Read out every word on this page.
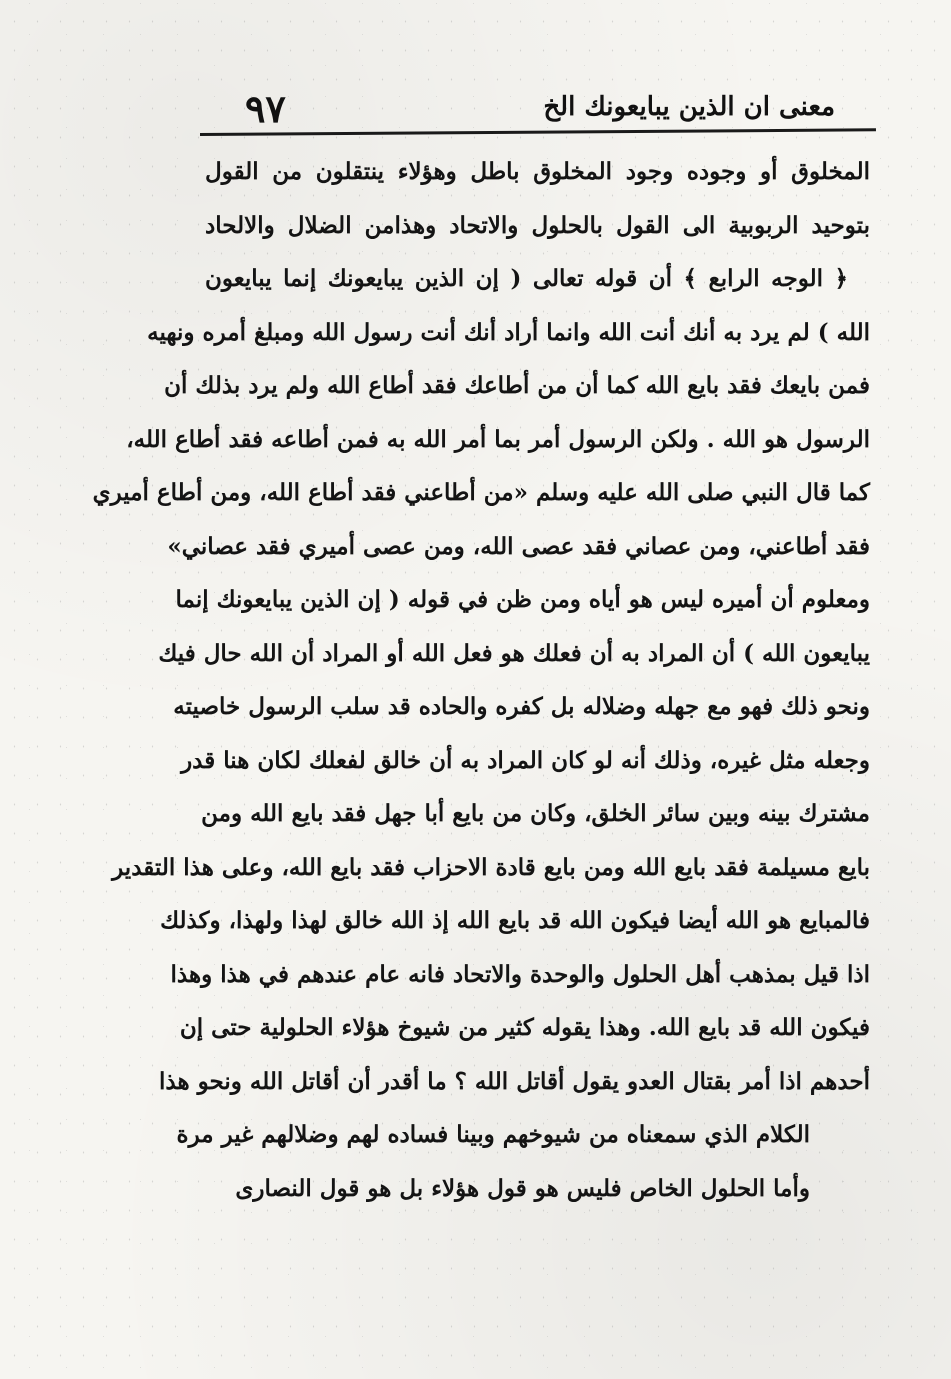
معنى ان الذين يبايعونك الخ
٩٧
المخلوق أو وجوده وجود المخلوق باطل وهؤلاء ينتقلون من القول
بتوحيد الربوبية الى القول بالحلول والاتحاد وهذامن الضلال والالحاد
﴿ الوجه الرابع ﴾ أن قوله تعالى ( إن الذين يبايعونك إنما يبايعون
الله ) لم يرد به أنك أنت الله وانما أراد أنك أنت رسول الله ومبلغ أمره ونهيه
فمن بايعك فقد بايع الله كما أن من أطاعك فقد أطاع الله ولم يرد بذلك أن
الرسول هو الله . ولكن الرسول أمر بما أمر الله به فمن أطاعه فقد أطاع الله،
كما قال النبي صلى الله عليه وسلم «من أطاعني فقد أطاع الله، ومن أطاع أميري
فقد أطاعني، ومن عصاني فقد عصى الله، ومن عصى أميري فقد عصاني»
ومعلوم أن أميره ليس هو أياه ومن ظن في قوله ( إن الذين يبايعونك إنما
يبايعون الله ) أن المراد به أن فعلك هو فعل الله أو المراد أن الله حال فيك
ونحو ذلك فهو مع جهله وضلاله بل كفره والحاده قد سلب الرسول خاصيته
وجعله مثل غيره، وذلك أنه لو كان المراد به أن خالق لفعلك لكان هنا قدر
مشترك بينه وبين سائر الخلق، وكان من بايع أبا جهل فقد بايع الله ومن
بايع مسيلمة فقد بايع الله ومن بايع قادة الاحزاب فقد بايع الله، وعلى هذا التقدير
فالمبايع هو الله أيضا فيكون الله قد بايع الله إذ الله خالق لهذا ولهذا، وكذلك
اذا قيل بمذهب أهل الحلول والوحدة والاتحاد فانه عام عندهم في هذا وهذا
فيكون الله قد بايع الله. وهذا يقوله كثير من شيوخ هؤلاء الحلولية حتى إن
أحدهم اذا أمر بقتال العدو يقول أقاتل الله ؟ ما أقدر أن أقاتل الله ونحو هذا
الكلام الذي سمعناه من شيوخهم وبينا فساده لهم وضلالهم غير مرة
وأما الحلول الخاص فليس هو قول هؤلاء بل هو قول النصارى
